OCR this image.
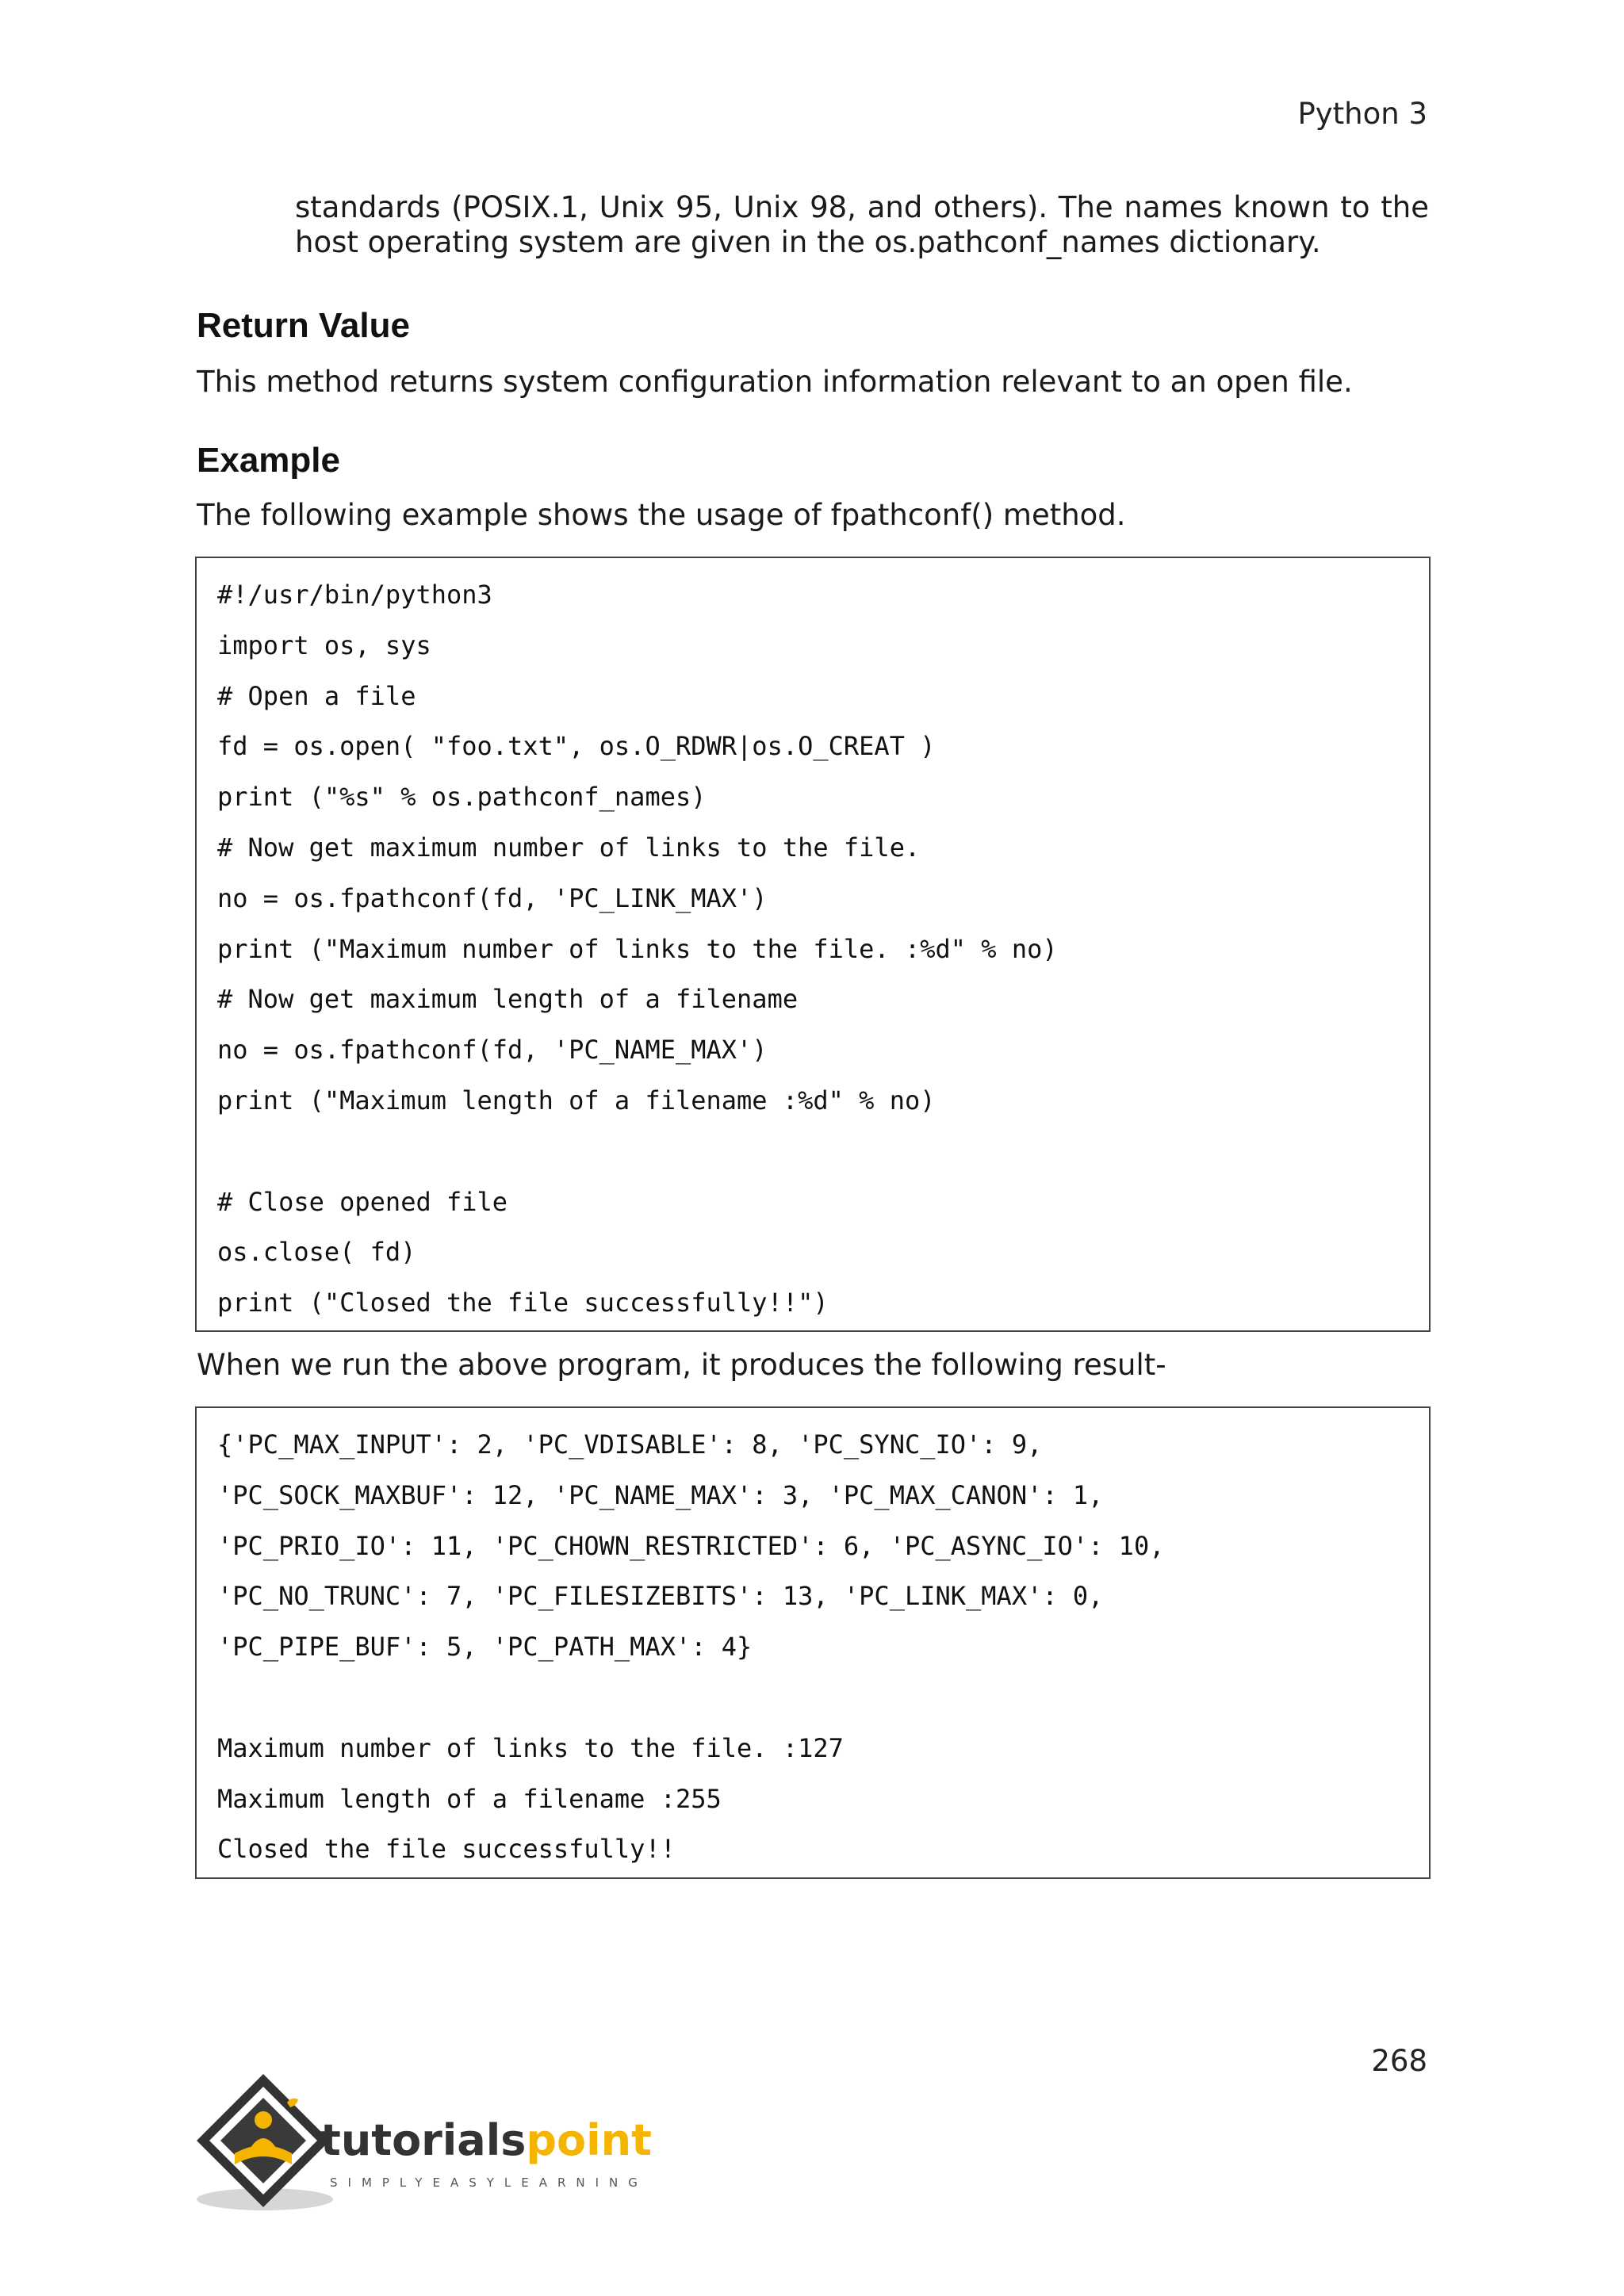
Python 3
standards (POSIX.1, Unix 95, Unix 98, and others). The names known to the host operating system are given in the os.pathconf_names dictionary.
Return Value
This method returns system configuration information relevant to an open file.
Example
The following example shows the usage of fpathconf() method.
#!/usr/bin/python3
import os, sys
# Open a file
fd = os.open( "foo.txt", os.O_RDWR|os.O_CREAT )
print ("%s" % os.pathconf_names)
# Now get maximum number of links to the file.
no = os.fpathconf(fd, 'PC_LINK_MAX')
print ("Maximum number of links to the file. :%d" % no)
# Now get maximum length of a filename
no = os.fpathconf(fd, 'PC_NAME_MAX')
print ("Maximum length of a filename :%d" % no)
# Close opened file
os.close( fd)
print ("Closed the file successfully!!")
When we run the above program, it produces the following result-
{'PC_MAX_INPUT': 2, 'PC_VDISABLE': 8, 'PC_SYNC_IO': 9,
'PC_SOCK_MAXBUF': 12, 'PC_NAME_MAX': 3, 'PC_MAX_CANON': 1,
'PC_PRIO_IO': 11, 'PC_CHOWN_RESTRICTED': 6, 'PC_ASYNC_IO': 10,
'PC_NO_TRUNC': 7, 'PC_FILESIZEBITS': 13, 'PC_LINK_MAX': 0,
'PC_PIPE_BUF': 5, 'PC_PATH_MAX': 4}
Maximum number of links to the file. :127
Maximum length of a filename :255
Closed the file successfully!!
268
tutorialspoint
SIMPLYEASYLEARNING
